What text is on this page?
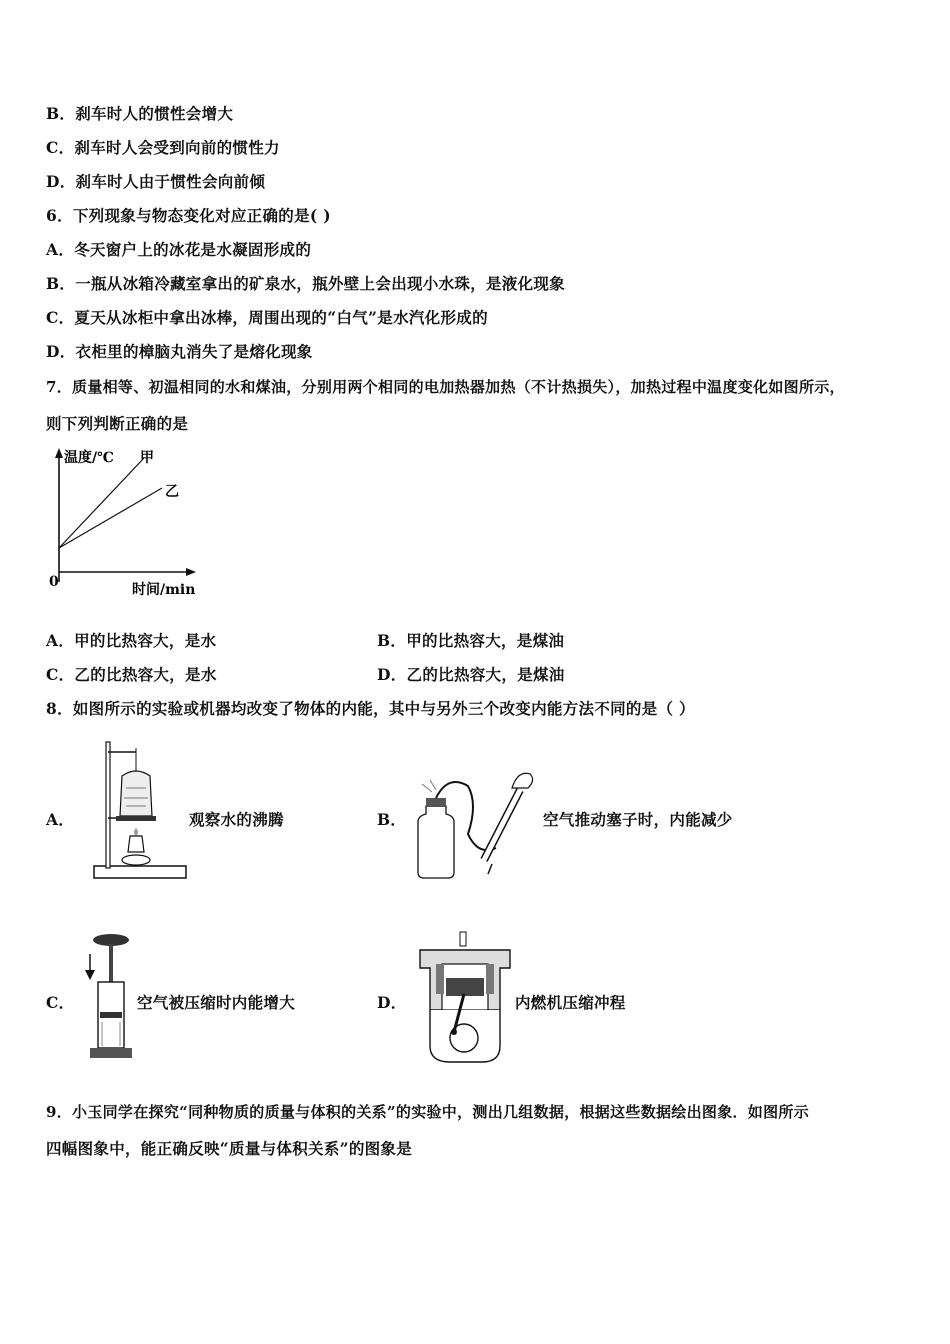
B．刹车时人的惯性会增大
C．刹车时人会受到向前的惯性力
D．刹车时人由于惯性会向前倾
6．下列现象与物态变化对应正确的是( )
A．冬天窗户上的冰花是水凝固形成的
B．一瓶从冰箱冷藏室拿出的矿泉水，瓶外壁上会出现小水珠，是液化现象
C．夏天从冰柜中拿出冰棒，周围出现的“白气”是水汽化形成的
D．衣柜里的樟脑丸消失了是熔化现象
7．质量相等、初温相同的水和煤油，分别用两个相同的电加热器加热（不计热损失），加热过程中温度变化如图所示，
则下列判断正确的是
温度/℃ 甲
乙
0	时间/min
A．甲的比热容大，是水	B．甲的比热容大，是煤油
C．乙的比热容大，是水	D．乙的比热容大，是煤油
8．如图所示的实验或机器均改变了物体的内能，其中与另外三个改变内能方法不同的是（ ）
A．	观察水的沸腾	B．	空气推动塞子时，内能减少
C．	空气被压缩时内能增大	D．	内燃机压缩冲程
9．小玉同学在探究“同种物质的质量与体积的关系”的实验中，测出几组数据，根据这些数据绘出图象．如图所示
四幅图象中，能正确反映“质量与体积关系”的图象是
